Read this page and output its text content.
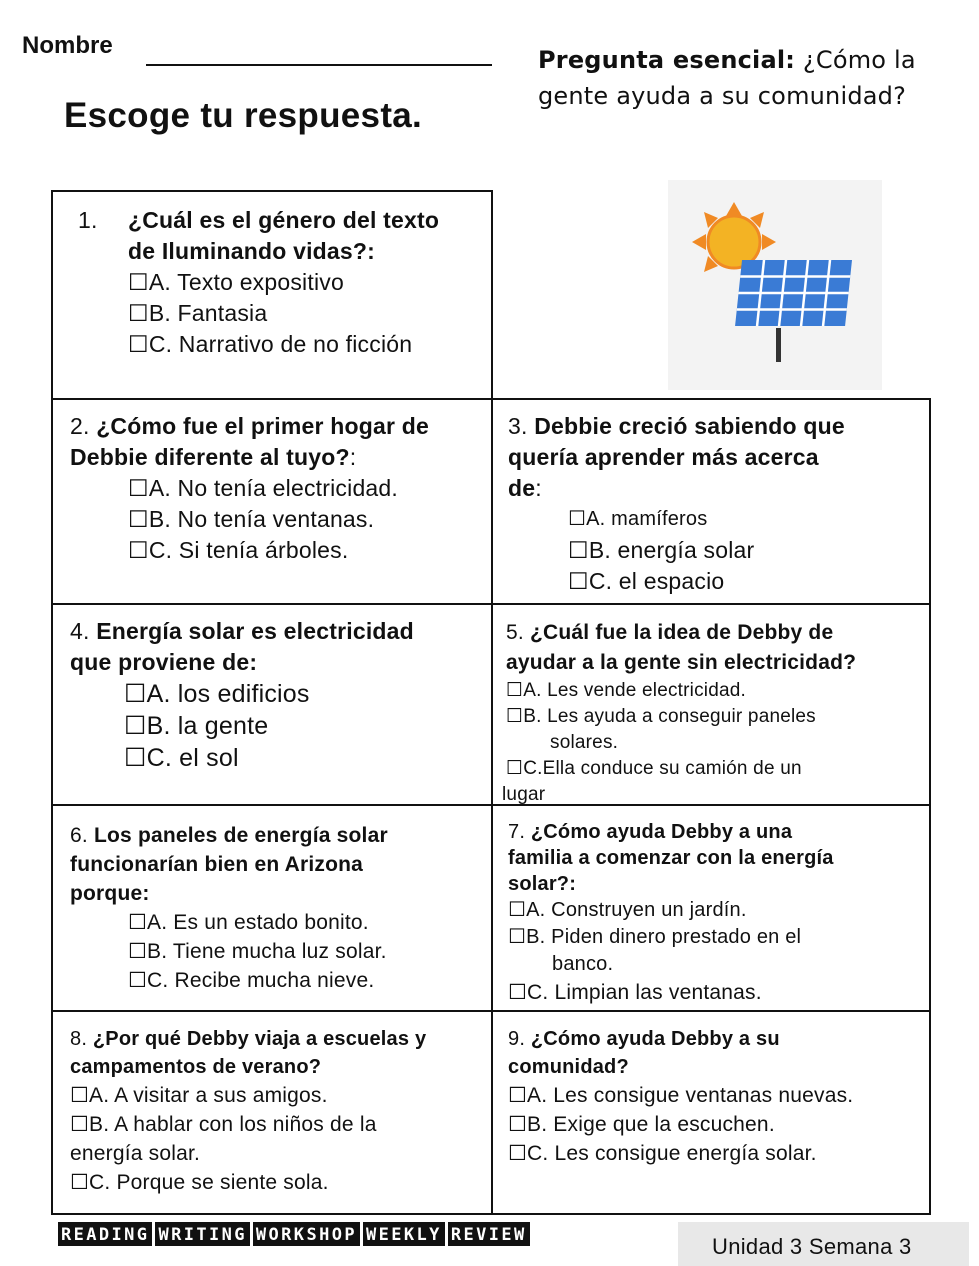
Nombre
Pregunta esencial: ¿Cómo la gente ayuda a su comunidad?
Escoge tu respuesta.
1.	¿Cuál es el género del texto
de Iluminando vidas?:
☐A. Texto expositivo
☐B. Fantasia
☐C. Narrativo de no ficción
2. ¿Cómo fue el primer hogar de
Debbie diferente al tuyo?:
☐A. No tenía electricidad.
☐B. No tenía ventanas.
☐C. Si tenía árboles.
3. Debbie creció sabiendo que
quería aprender más acerca
de:
☐A. mamíferos
☐B. energía solar
☐C. el espacio
4. Energía solar es electricidad
que proviene de:
☐A. los edificios
☐B. la gente
☐C. el sol
5. ¿Cuál fue la idea de Debby de
ayudar a la gente sin electricidad?
☐A. Les vende electricidad.
☐B. Les ayuda a conseguir paneles
solares.
☐C.Ella conduce su camión de un
lugar
6. Los paneles de energía solar
funcionarían bien en Arizona
porque:
☐A. Es un estado bonito.
☐B. Tiene mucha luz solar.
☐C. Recibe mucha nieve.
7. ¿Cómo ayuda Debby a una
familia a comenzar con la energía
solar?:
☐A. Construyen un jardín.
☐B. Piden dinero prestado en el
banco.
☐C. Limpian las ventanas.
8. ¿Por qué Debby viaja a escuelas y
campamentos de verano?
☐A. A visitar a sus amigos.
☐B. A hablar con los niños de la
energía solar.
☐C. Porque se siente sola.
9. ¿Cómo ayuda Debby a su
comunidad?
☐A. Les consigue ventanas nuevas.
☐B. Exige que la escuchen.
☐C. Les consigue energía solar.
READING WRITING WORKSHOP WEEKLY REVIEW	Unidad 3 Semana 3
